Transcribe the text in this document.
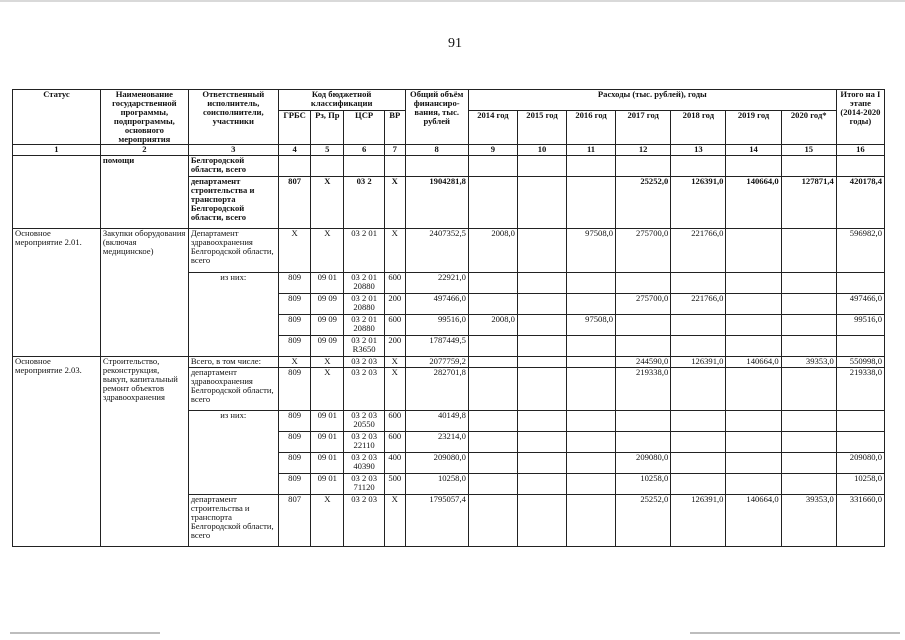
91
Статус	Наименование государственной программы, подпрограммы, основного мероприятия	Ответственный исполнитель, соисполнители, участники	Код бюджетной классификации				Общий объём финансиро-вания, тыс. рублей	Расходы (тыс. рублей), годы							Итого на I этапе (2014-2020 годы)
			ГРБС	Рз, Пр	ЦСР	ВР		2014 год	2015 год	2016 год	2017 год	2018 год	2019 год	2020 год*	
1	2	3	4	5	6	7	8	9	10	11	12	13	14	15	16
	помощи	Белгородской области, всего													
		департамент строительства и транспорта Белгородской области, всего	807	Х	03 2	Х	1904281,8				25252,0	126391,0	140664,0	127871,4	420178,4
Основное мероприятие 2.01.	Закупки оборудования (включая медицинское)	Департамент здравоохранения Белгородской области, всего	Х	Х	03 2 01	Х	2407352,5	2008,0		97508,0	275700,0	221766,0			596982,0
		из них:	809	09 01	03 2 01 20880	600	22921,0								
			809	09 09	03 2 01 20880	200	497466,0				275700,0	221766,0			497466,0
			809	09 09	03 2 01 20880	600	99516,0	2008,0		97508,0					99516,0
			809	09 09	03 2 01 R3650	200	1787449,5								
Основное мероприятие 2.03.	Строительство, реконструкция, выкуп, капитальный ремонт объектов здравоохранения	Всего, в том числе:	Х	Х	03 2 03	Х	2077759,2				244590,0	126391,0	140664,0	39353,0	550998,0
		департамент здравоохранения Белгородской области, всего	809	Х	03 2 03	Х	282701,8				219338,0				219338,0
		из них:	809	09 01	03 2 03 20550	600	40149,8								
			809	09 01	03 2 03 22110	600	23214,0								
			809	09 01	03 2 03 40390	400	209080,0				209080,0				209080,0
			809	09 01	03 2 03 71120	500	10258,0				10258,0				10258,0
		департамент строительства и транспорта Белгородской области, всего	807	Х	03 2 03	Х	1795057,4				25252,0	126391,0	140664,0	39353,0	331660,0
